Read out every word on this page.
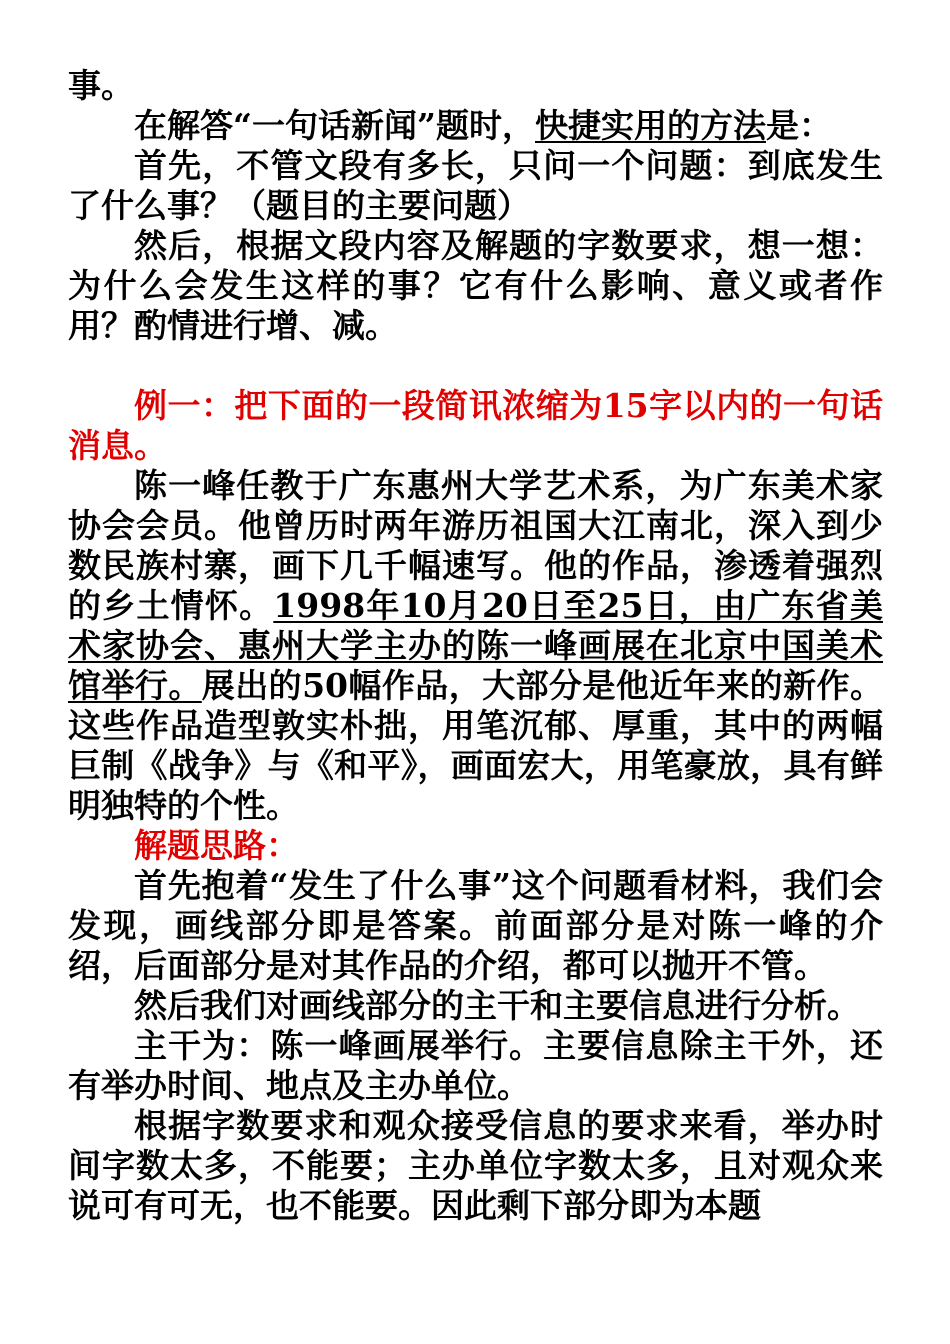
事。

在解答“一句话新闻”题时，快捷实用的方法是：

首先，不管文段有多长，只问一个问题：到底发生了什么事？（题目的主要问题）

然后，根据文段内容及解题的字数要求，想一想：为什么会发生这样的事？它有什么影响、意义或者作用？酌情进行增、减。

例一：把下面的一段简讯浓缩为15字以内的一句话消息。

陈一峰任教于广东惠州大学艺术系，为广东美术家协会会员。他曾历时两年游历祖国大江南北，深入到少数民族村寨，画下几千幅速写。他的作品，渗透着强烈的乡土情怀。1998年10月20日至25日，由广东省美术家协会、惠州大学主办的陈一峰画展在北京中国美术馆举行。展出的50幅作品，大部分是他近年来的新作。这些作品造型敦实朴拙，用笔沉郁、厚重，其中的两幅巨制《战争》与《和平》，画面宏大，用笔豪放，具有鲜明独特的个性。

解题思路：

首先抱着“发生了什么事”这个问题看材料，我们会发现，画线部分即是答案。前面部分是对陈一峰的介绍，后面部分是对其作品的介绍，都可以抛开不管。

然后我们对画线部分的主干和主要信息进行分析。

主干为：陈一峰画展举行。主要信息除主干外，还有举办时间、地点及主办单位。

根据字数要求和观众接受信息的要求来看，举办时间字数太多，不能要；主办单位字数太多，且对观众来说可有可无，也不能要。因此剩下部分即为本题
